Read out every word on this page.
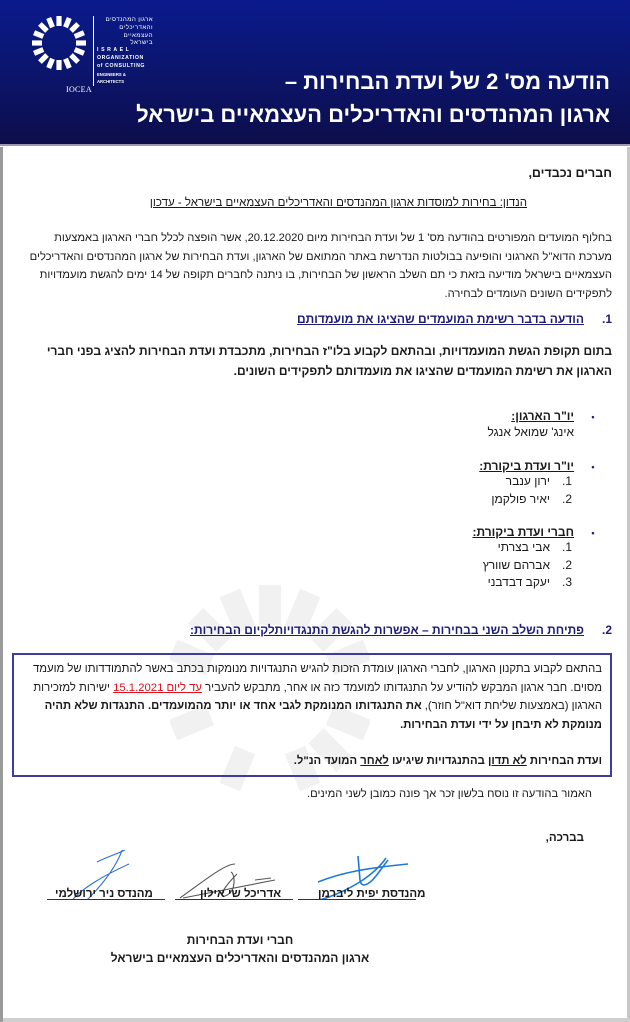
ארגון המהנדסים
והאדריכלים
העצמאיים
בישראל
I S R A E L
ORGANIZATION
of CONSULTING
ENGINEERS & ARCHITECTS
IOCEA	הודעה מס' 2 של ועדת הבחירות –
ארגון המהנדסים והאדריכלים העצמאיים בישראל
חברים נכבדים,
הנדון: בחירות למוסדות ארגון המהנדסים והאדריכלים העצמאיים בישראל - עדכון
בחלוף המועדים המפורטים בהודעה מס' 1 של ועדת הבחירות מיום 20.12.2020, אשר הופצה לכלל חברי הארגון באמצעות מערכת הדוא"ל הארגוני והופיעה בבולטות הנדרשת באתר המתואם של הארגון, ועדת הבחירות של ארגון המהנדסים והאדריכלים העצמאיים בישראל מודיעה בזאת כי תם השלב הראשון של הבחירות, בו ניתנה לחברים תקופה של 14 ימים להגשת מועמדויות לתפקידים השונים העומדים לבחירה.
1.
הודעה בדבר רשימת המועמדים שהציגו את מועמדותם
בתום תקופת הגשת המועמדויות, ובהתאם לקבוע בלו"ז הבחירות, מתכבדת ועדת הבחירות להציג בפני חברי הארגון את רשימת המועמדים שהציגו את מועמדותם לתפקידים השונים.
•
יו"ר הארגון:
אינג' שמואל אנגל
•
יו"ר ועדת ביקורת:
1.
ירון ענבר
2.
יאיר פולקמן
•
חברי ועדת ביקורת:
1.
אבי בצרתי
2.
אברהם שוורץ
3.
יעקב דבדבני
2.
פתיחת השלב השני בבחירות – אפשרות להגשת התנגדויותלקיום הבחירות:
בהתאם לקבוע בתקנון הארגון, לחברי הארגון עומדת הזכות להגיש התנגדויות מנומקות בכתב באשר להתמודדותו של מועמד מסוים. חבר ארגון המבקש להודיע על התנגדותו למועמד כזה או אחר, מתבקש להעביר עד ליום 15.1.2021 ישירות למזכירות הארגון (באמצעות שליחת דוא"ל חוזר), את התנגדותו המנומקת לגבי אחד או יותר מהמועמדים. התנגדות שלא תהיה מנומקת לא תיבחן על ידי ועדת הבחירות.
ועדת הבחירות לא תדון בהתנגדויות שיגיעו לאחר המועד הנ"ל.
האמור בהודעה זו נוסח בלשון זכר אך פונה כמובן לשני המינים.
בברכה,
מהנדסת יפית ליברמן
אדריכל שי אילון
מהנדס ניר ירושלמי
חברי ועדת הבחירות
ארגון המהנדסים והאדריכלים העצמאיים בישראל
